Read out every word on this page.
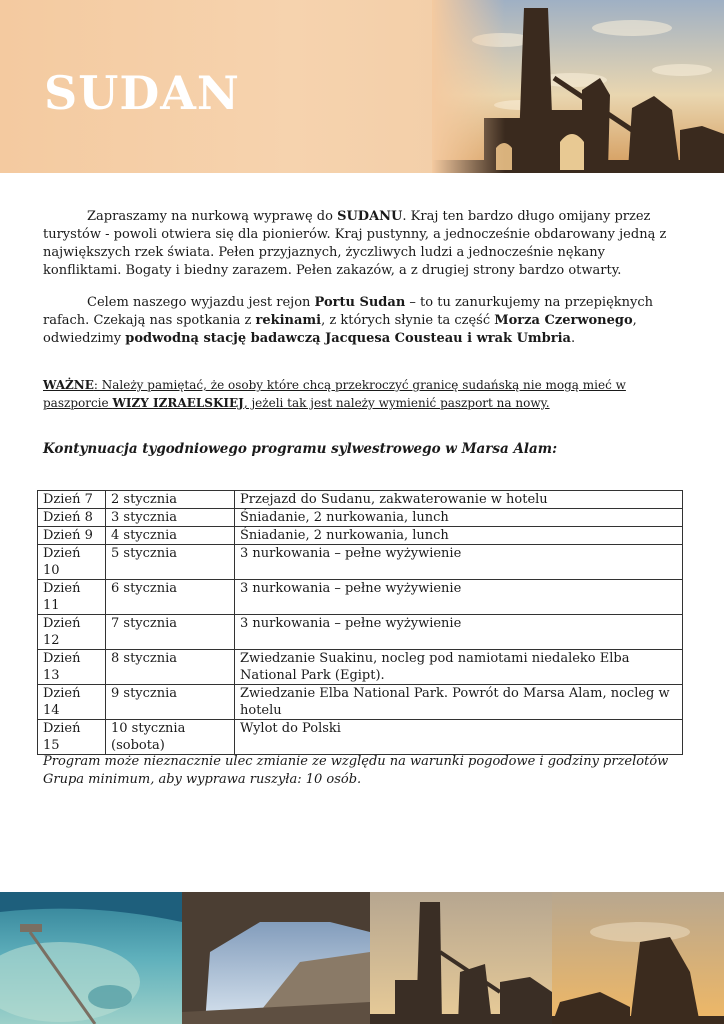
SUDAN

Zapraszamy na nurkową wyprawę do SUDANU. Kraj ten bardzo długo omijany przez turystów - powoli otwiera się dla pionierów. Kraj pustynny, a jednocześnie obdarowany jedną z największych rzek świata. Pełen przyjaznych, życzliwych ludzi a jednocześnie nękany konfliktami. Bogaty i biedny zarazem. Pełen zakazów, a z drugiej strony bardzo otwarty.

Celem naszego wyjazdu jest rejon Portu Sudan – to tu zanurkujemy na przepięknych rafach. Czekają nas spotkania z rekinami, z których słynie ta część Morza Czerwonego, odwiedzimy podwodną stację badawczą Jacquesa Cousteau i wrak Umbria.

WAŻNE: Należy pamiętać, że osoby które chcą przekroczyć granicę sudańską nie mogą mieć w paszporcie WIZY IZRAELSKIEJ, jeżeli tak jest należy wymienić paszport na nowy.

Kontynuacja tygodniowego programu sylwestrowego w Marsa Alam:
Dzień 7	2 stycznia	Przejazd do Sudanu, zakwaterowanie w hotelu
Dzień 8	3 stycznia	Śniadanie, 2 nurkowania, lunch
Dzień 9	4 stycznia	Śniadanie, 2 nurkowania, lunch
Dzień 10	5 stycznia	3 nurkowania – pełne wyżywienie
Dzień 11	6 stycznia	3 nurkowania – pełne wyżywienie
Dzień 12	7 stycznia	3 nurkowania – pełne wyżywienie
Dzień 13	8 stycznia	Zwiedzanie Suakinu, nocleg pod namiotami niedaleko Elba National Park (Egipt).
Dzień 14	9 stycznia	Zwiedzanie Elba National Park. Powrót do Marsa Alam, nocleg w hotelu
Dzień 15	10 stycznia (sobota)	Wylot do Polski
Program może nieznacznie ulec zmianie ze względu na warunki pogodowe i godziny przelotów
Grupa minimum, aby wyprawa ruszyła: 10 osób.
